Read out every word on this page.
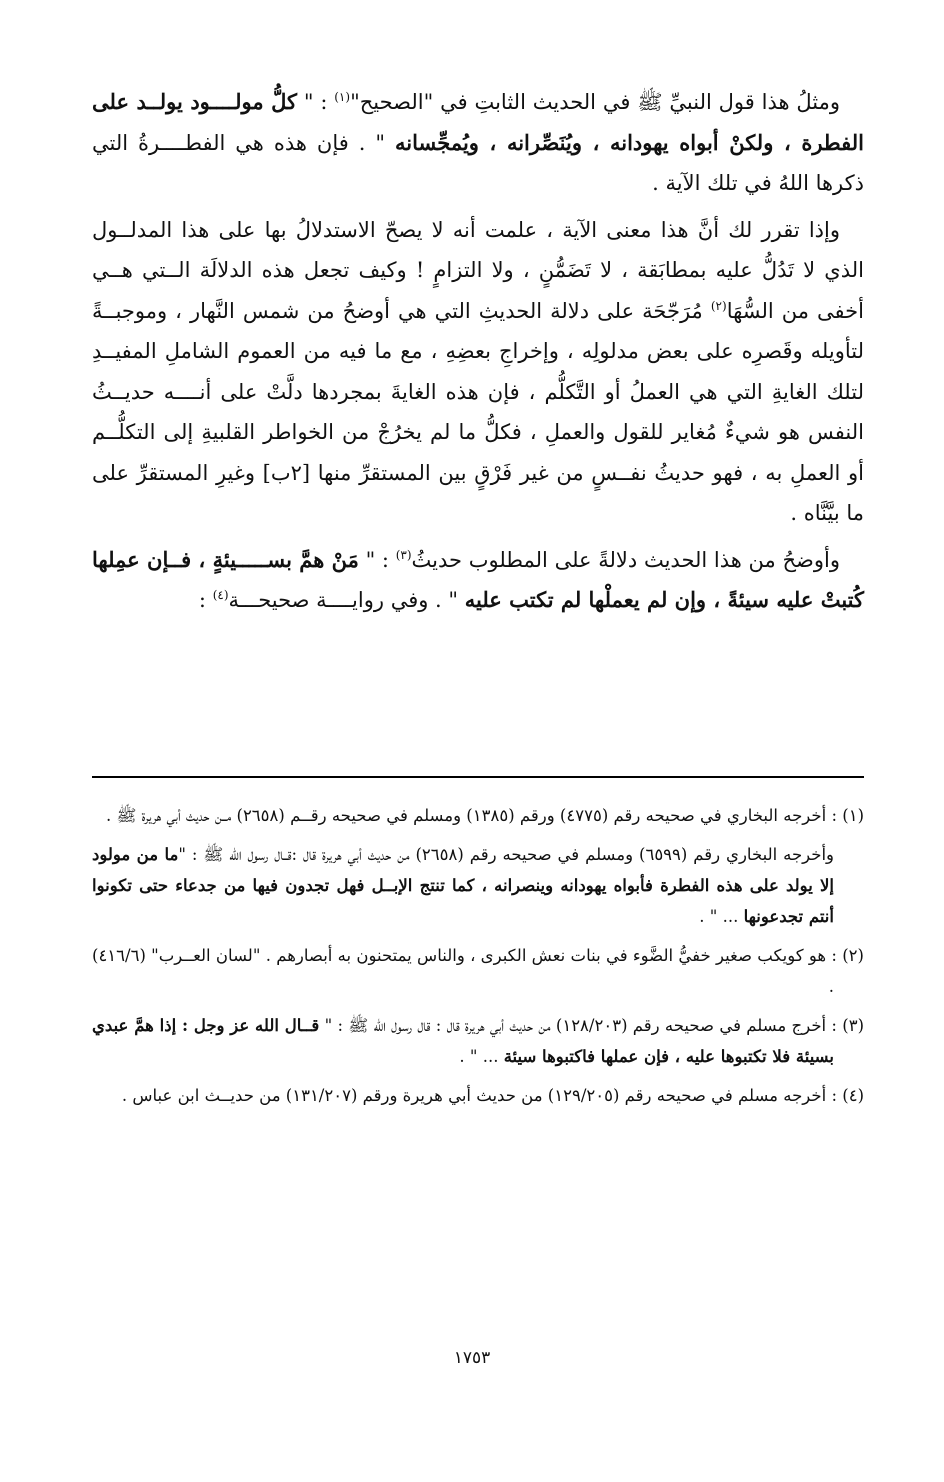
ومثلُ هذا قول النبيِّ ﷺ في الحديث الثابتِ في "الصحيح"$^{(١)}$ : " كلُّ مولــــود يولــد على الفطرة ، ولكنْ أبواه يهودانه ، ويُنَصِّرانه ، ويُمجِّسانه " . فإن هذه هي الفطــــرةُ التي ذكرها اللهُ في تلك الآية .

وإذا تقرر لك أنَّ هذا معنى الآية ، علمت أنه لا يصحّ الاستدلالُ بها على هذا المدلــول الذي لا تَدُلُّ عليه بمطابَقة ، لا تَضَمُّنٍ ، ولا التزامٍ ! وكيف تجعل هذه الدلالَة الــتي هــي أخفى من السُّهَا$^{(٢)}$ مُرَجّحَة على دلالة الحديثِ التي هي أوضحُ من شمس النَّهار ، وموجبــةً لتأويله وقَصرِه على بعض مدلولِه ، وإخراجِ بعضِهِ ، مع ما فيه من العموم الشاملِ المفيــدِ لتلك الغايةِ التي هي العملُ أو التَّكلُّم ، فإن هذه الغايةَ بمجردها دلَّتْ على أنــــه حديــثُ النفس هو شيءٌ مُغاير للقول والعملِ ، فكلُّ ما لم يخرُجْ من الخواطر القلبيةِ إلى التكلُّــم أو العملِ به ، فهو حديثُ نفــسٍ من غير فَرْقٍ بين المستقرِّ منها [٢ب] وغيرِ المستقرِّ على ما بيَّنَّاه .

وأوضحُ من هذا الحديث دلالةً على المطلوب حديثُ$^{(٣)}$ : " مَنْ همَّ بســـــيئةٍ ، فــإن عمِلها كُتبتْ عليه سيئةً ، وإن لم يعملْها لم تكتب عليه " . وفي روايــــة صحيحـــة$^{(٤)}$ :

(١) : أخرجه البخاري في صحيحه رقم (٤٧٧٥) ورقم (١٣٨٥) ومسلم في صحيحه رقــم (٢٦٥٨) مــن حديث أبي هريرة ﷺ .

وأخرجه البخاري رقم (٦٥٩٩) ومسلم في صحيحه رقم (٢٦٥٨) من حديث أبي هريرة قال :قــال رسول الله ﷺ : "ما من مولود إلا يولد على هذه الفطرة فأبواه يهودانه وينصرانه ، كما تنتج الإبــل فهل تجدون فيها من جدعاء حتى تكونوا أنتم تجدعونها ... " .

(٢) : هو كويكب صغير خفيُّ الضَّوء في بنات نعش الكبرى ، والناس يمتحنون به أبصارهم . "لسان العــرب" (٤١٦/٦) .

(٣) : أخرج مسلم في صحيحه رقم (١٢٨/٢٠٣) من حديث أبي هريرة قال : قال رسول الله ﷺ : " قــال الله عز وجل : إذا همَّ عبدي بسيئة فلا تكتبوها عليه ، فإن عملها فاكتبوها سيئة ... " .

(٤) : أخرجه مسلم في صحيحه رقم (١٢٩/٢٠٥) من حديث أبي هريرة ورقم (١٣١/٢٠٧) من حديــث ابن عباس .

١٧٥٣
